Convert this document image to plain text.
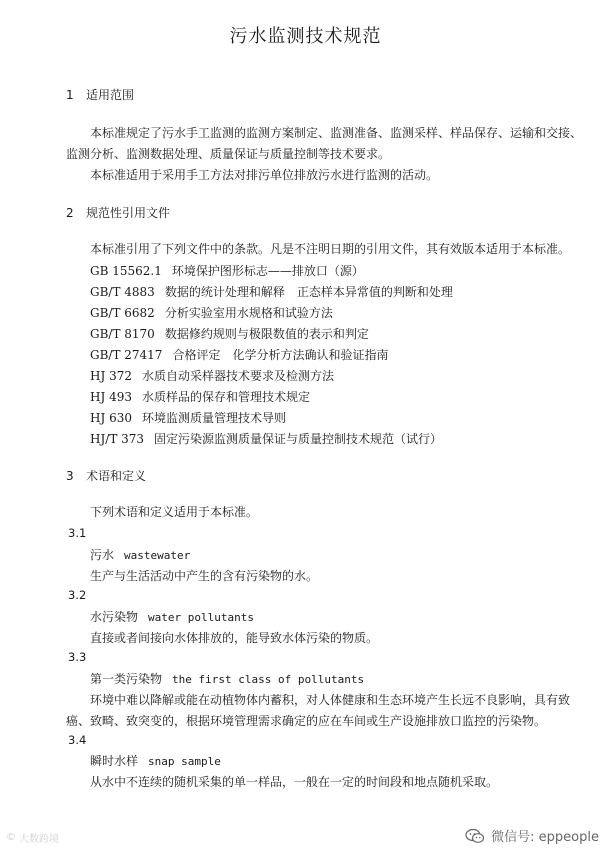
污水监测技术规范
1 适用范围
本标准规定了污水手工监测的监测方案制定、监测准备、监测采样、样品保存、运输和交接、
监测分析、监测数据处理、质量保证与质量控制等技术要求。
本标准适用于采用手工方法对排污单位排放污水进行监测的活动。
2 规范性引用文件
本标准引用了下列文件中的条款。凡是不注明日期的引用文件，其有效版本适用于本标准。
GB 15562.1 环境保护图形标志——排放口（源）
GB/T 4883 数据的统计处理和解释　正态样本异常值的判断和处理
GB/T 6682 分析实验室用水规格和试验方法
GB/T 8170 数据修约规则与极限数值的表示和判定
GB/T 27417 合格评定　化学分析方法确认和验证指南
HJ 372 水质自动采样器技术要求及检测方法
HJ 493 水质样品的保存和管理技术规定
HJ 630 环境监测质量管理技术导则
HJ/T 373 固定污染源监测质量保证与质量控制技术规范（试行）
3 术语和定义
下列术语和定义适用于本标准。
3.1
污水 wastewater
生产与生活活动中产生的含有污染物的水。
3.2
水污染物 water pollutants
直接或者间接向水体排放的，能导致水体污染的物质。
3.3
第一类污染物 the first class of pollutants
环境中难以降解或能在动植物体内蓄积，对人体健康和生态环境产生长远不良影响，具有致
癌、致畸、致突变的，根据环境管理需求确定的应在车间或生产设施排放口监控的污染物。
3.4
瞬时水样 snap sample
从水中不连续的随机采集的单一样品，一般在一定的时间段和地点随机采取。
© 大数跨境	微信号: eppeople
